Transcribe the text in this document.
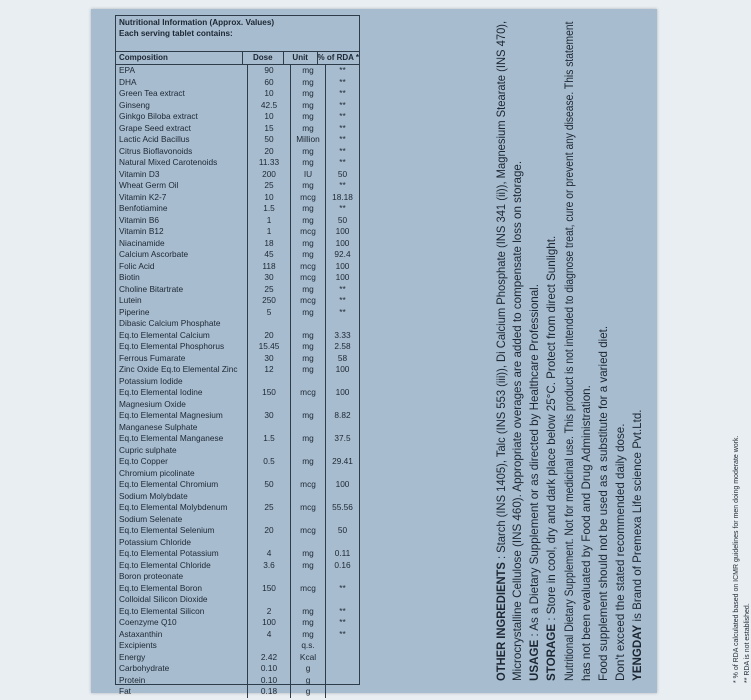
Nutritional Information (Approx. Values)
Each serving tablet contains:
Composition	Dose	Unit	% of RDA *
EPA	90	mg	**
DHA	60	mg	**
Green Tea extract	10	mg	**
Ginseng	42.5	mg	**
Ginkgo Biloba extract	10	mg	**
Grape Seed extract	15	mg	**
Lactic Acid Bacillus	50	Million	**
Citrus Bioflavonoids	20	mg	**
Natural Mixed Carotenoids	11.33	mg	**
Vitamin D3	200	IU	50
Wheat Germ Oil	25	mg	**
Vitamin K2-7	10	mcg	18.18
Benfotiamine	1.5	mg	**
Vitamin B6	1	mg	50
Vitamin B12	1	mcg	100
Niacinamide	18	mg	100
Calcium Ascorbate	45	mg	92.4
Folic Acid	118	mcg	100
Biotin	30	mcg	100
Choline Bitartrate	25	mg	**
Lutein	250	mcg	**
Piperine	5	mg	**
Dibasic Calcium Phosphate
Eq.to Elemental Calcium	20	mg	3.33
Eq.to Elemental Phosphorus	15.45	mg	2.58
Ferrous Fumarate	30	mg	58
Zinc Oxide Eq.to Elemental Zinc	12	mg	100
Potassium Iodide
Eq.to Elemental Iodine	150	mcg	100
Magnesium Oxide
Eq.to Elemental Magnesium	30	mg	8.82
Manganese Sulphate
Eq.to Elemental Manganese	1.5	mg	37.5
Cupric sulphate
Eq.to Copper	0.5	mg	29.41
Chromium picolinate
Eq.to Elemental Chromium	50	mcg	100
Sodium Molybdate
Eq.to Elemental Molybdenum	25	mcg	55.56
Sodium Selenate
Eq.to Elemental Selenium	20	mcg	50
Potassium Chloride
Eq.to Elemental Potassium	4	mg	0.11
Eq.to Elemental Chloride	3.6	mg	0.16
Boron proteonate
Eq.to Elemental Boron	150	mcg	**
Colloidal Silicon Dioxide
Eq.to Elemental Silicon	2	mg	**
Coenzyme Q10	100	mg	**
Astaxanthin	4	mg	**
Excipients	q.s.
Energy	2.42	Kcal
Carbohydrate	0.10	g
Protein	0.10	g
Fat	0.18	g
* % of RDA calculated based on ICMR guidelines for men doing moderate work. ** RDA is not established.
OTHER INGREDIENTS : Starch (INS 1405), Talc (INS 553 (iii)), Di Calcium Phosphate (INS 341 (ii)), Magnesium Stearate (INS 470), Microcrystalline Cellulose (INS 460). Appropriate overages are added to compensate loss on storage. USAGE : As a Dietary Supplement or as directed by Healthcare Professional.
STORAGE : Store in cool, dry and dark place below 25°C. Protect from direct Sunlight. Nutritional Dietary Supplement. Not for medicinal use. This product is not intended to diagnose treat, cure or prevent any disease. This statement has not been evaluated by Food and Drug Administration. Food supplement should not be used as a substitute for a varied diet. Don't exceed the stated recommended daily dose. YENGDAY is Brand of Premexa Life science Pvt.Ltd.
